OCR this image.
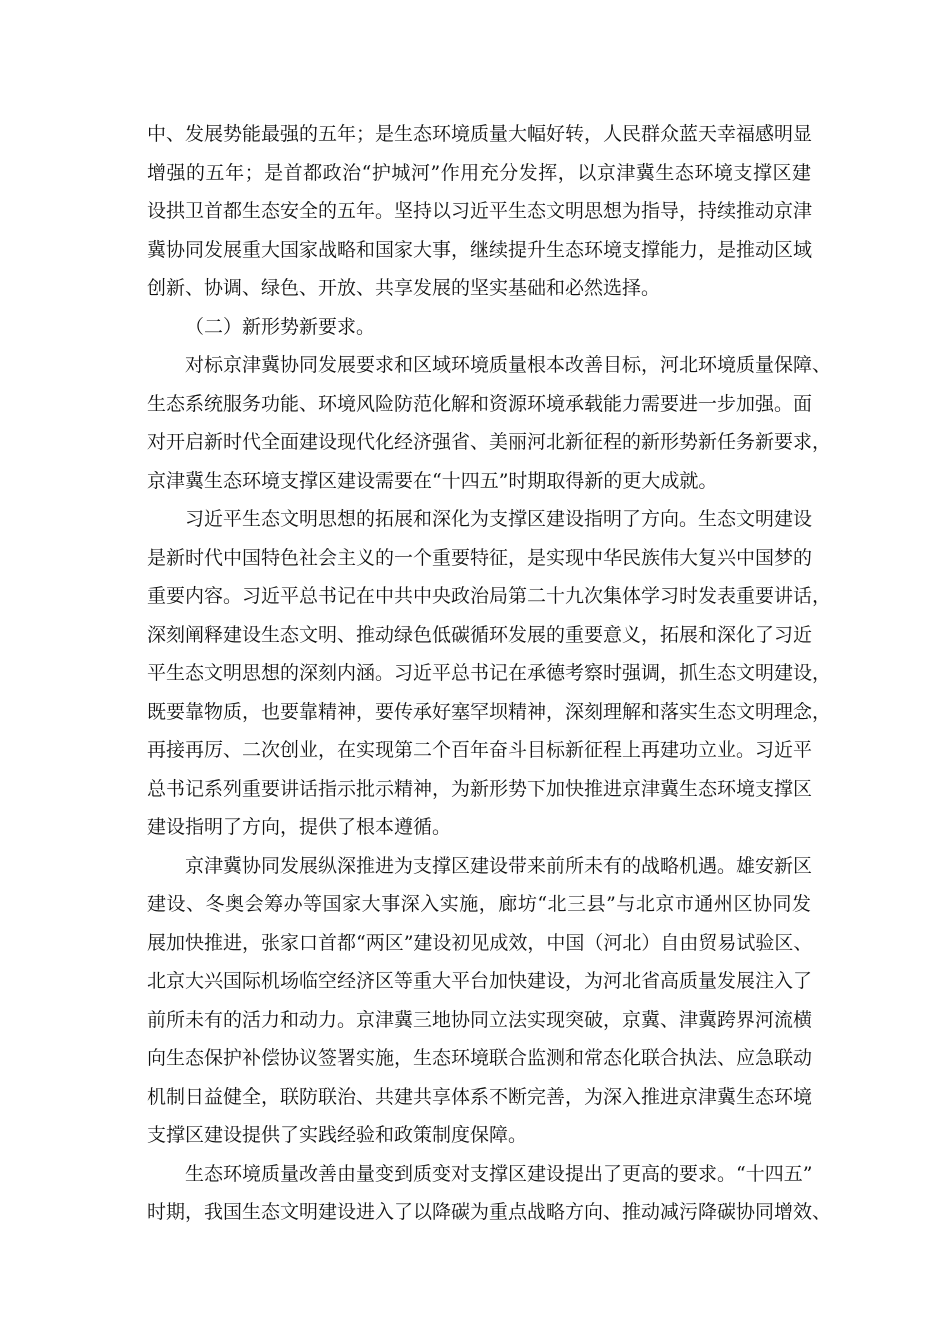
中、发展势能最强的五年；是生态环境质量大幅好转，人民群众蓝天幸福感明显
增强的五年；是首都政治“护城河”作用充分发挥，以京津冀生态环境支撑区建
设拱卫首都生态安全的五年。坚持以习近平生态文明思想为指导，持续推动京津
冀协同发展重大国家战略和国家大事，继续提升生态环境支撑能力，是推动区域
创新、协调、绿色、开放、共享发展的坚实基础和必然选择。
（二）新形势新要求。
对标京津冀协同发展要求和区域环境质量根本改善目标，河北环境质量保障、
生态系统服务功能、环境风险防范化解和资源环境承载能力需要进一步加强。面
对开启新时代全面建设现代化经济强省、美丽河北新征程的新形势新任务新要求，
京津冀生态环境支撑区建设需要在“十四五”时期取得新的更大成就。
习近平生态文明思想的拓展和深化为支撑区建设指明了方向。生态文明建设
是新时代中国特色社会主义的一个重要特征，是实现中华民族伟大复兴中国梦的
重要内容。习近平总书记在中共中央政治局第二十九次集体学习时发表重要讲话，
深刻阐释建设生态文明、推动绿色低碳循环发展的重要意义，拓展和深化了习近
平生态文明思想的深刻内涵。习近平总书记在承德考察时强调，抓生态文明建设，
既要靠物质，也要靠精神，要传承好塞罕坝精神，深刻理解和落实生态文明理念，
再接再厉、二次创业，在实现第二个百年奋斗目标新征程上再建功立业。习近平
总书记系列重要讲话指示批示精神，为新形势下加快推进京津冀生态环境支撑区
建设指明了方向，提供了根本遵循。
京津冀协同发展纵深推进为支撑区建设带来前所未有的战略机遇。雄安新区
建设、冬奥会筹办等国家大事深入实施，廊坊“北三县”与北京市通州区协同发
展加快推进，张家口首都“两区”建设初见成效，中国（河北）自由贸易试验区、
北京大兴国际机场临空经济区等重大平台加快建设，为河北省高质量发展注入了
前所未有的活力和动力。京津冀三地协同立法实现突破，京冀、津冀跨界河流横
向生态保护补偿协议签署实施，生态环境联合监测和常态化联合执法、应急联动
机制日益健全，联防联治、共建共享体系不断完善，为深入推进京津冀生态环境
支撑区建设提供了实践经验和政策制度保障。
生态环境质量改善由量变到质变对支撑区建设提出了更高的要求。“十四五”
时期，我国生态文明建设进入了以降碳为重点战略方向、推动减污降碳协同增效、
